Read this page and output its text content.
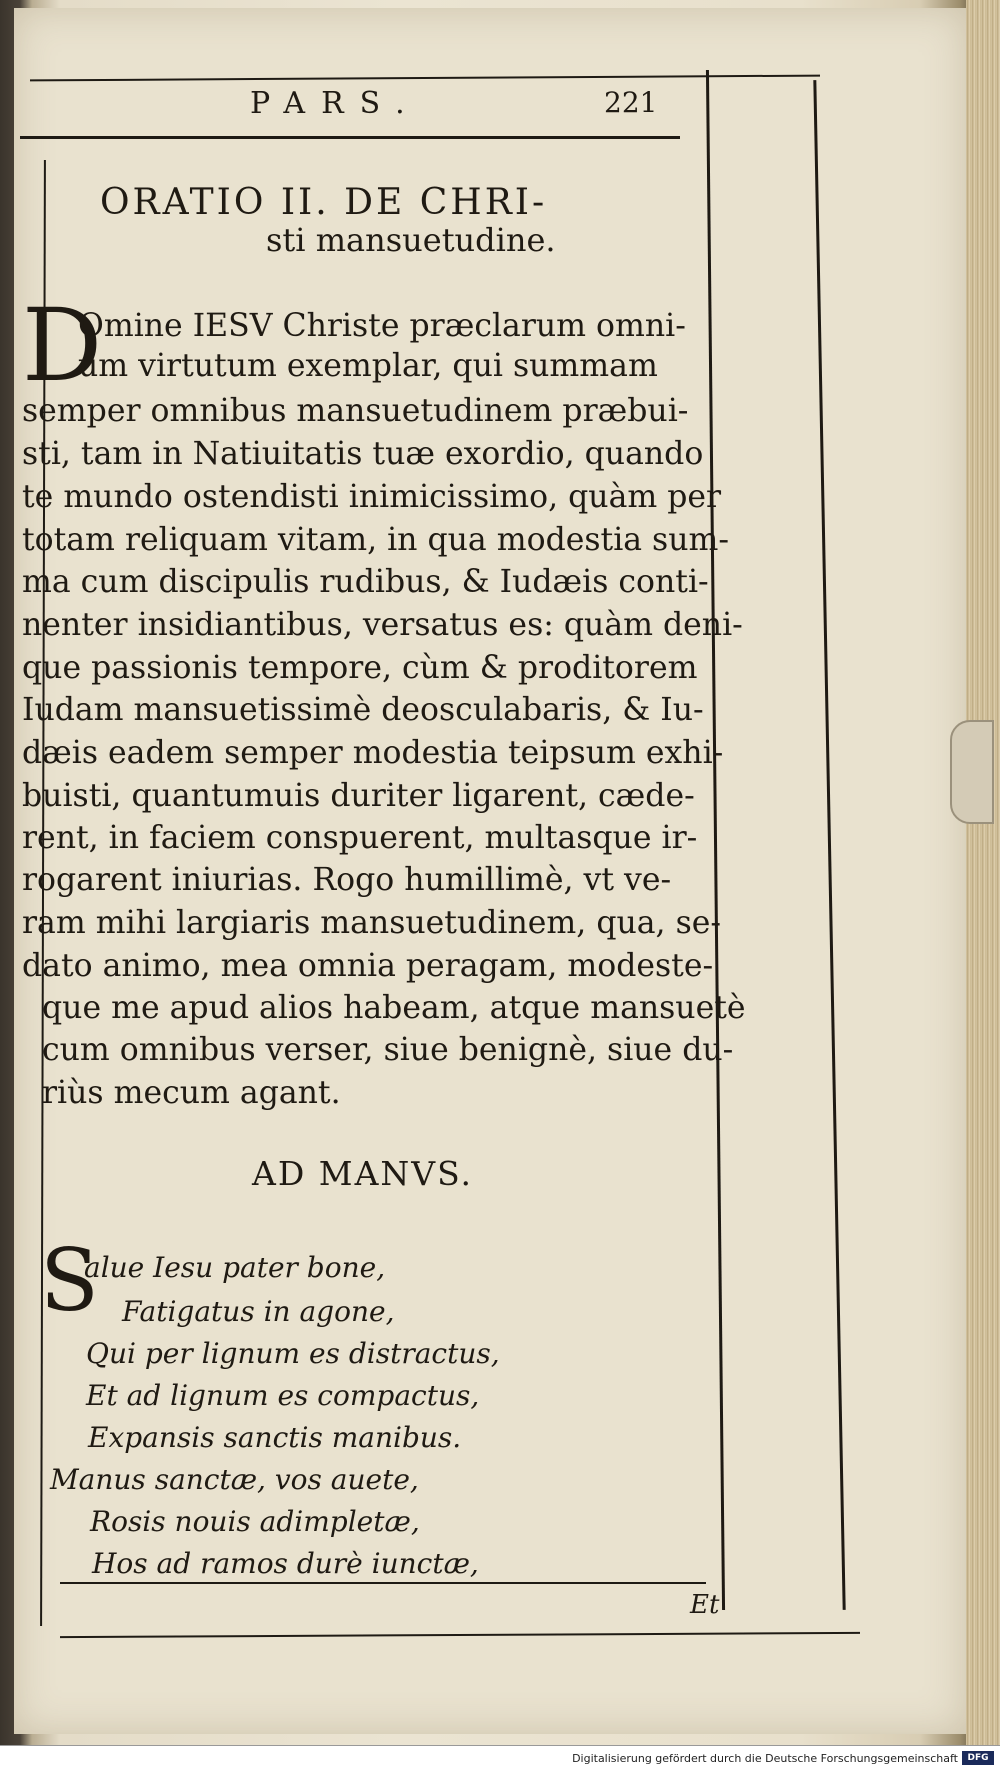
PARS.	221
ORATIO II. DE CHRI-
sti mansuetudine.
D
Omine IESV Christe præclarum omni-
um virtutum exemplar, qui summam
semper omnibus mansuetudinem præbui-
sti, tam in Natiuitatis tuæ exordio, quando
te mundo ostendisti inimicissimo, quàm per
totam reliquam vitam, in qua modestia sum-
ma cum discipulis rudibus, & Iudæis conti-
nenter insidiantibus, versatus es: quàm deni-
que passionis tempore, cùm & proditorem
Iudam mansuetissimè deosculabaris, & Iu-
dæis eadem semper modestia teipsum exhi-
buisti, quantumuis duriter ligarent, cæde-
rent, in faciem conspuerent, multasque ir-
rogarent iniurias. Rogo humillimè, vt ve-
ram mihi largiaris mansuetudinem, qua, se-
dato animo, mea omnia peragam, modeste-
que me apud alios habeam, atque mansuetè
cum omnibus verser, siue benignè, siue du-
riùs mecum agant.
AD MANVS.
S
alue Iesu pater bone,
Fatigatus in agone,
Qui per lignum es distractus,
Et ad lignum es compactus,
Expansis sanctis manibus.
Manus sanctæ, vos auete,
Rosis nouis adimpletæ,
Hos ad ramos durè iunctæ,
Et
Digitalisierung gefördert durch die Deutsche Forschungsgemeinschaft	DFG
